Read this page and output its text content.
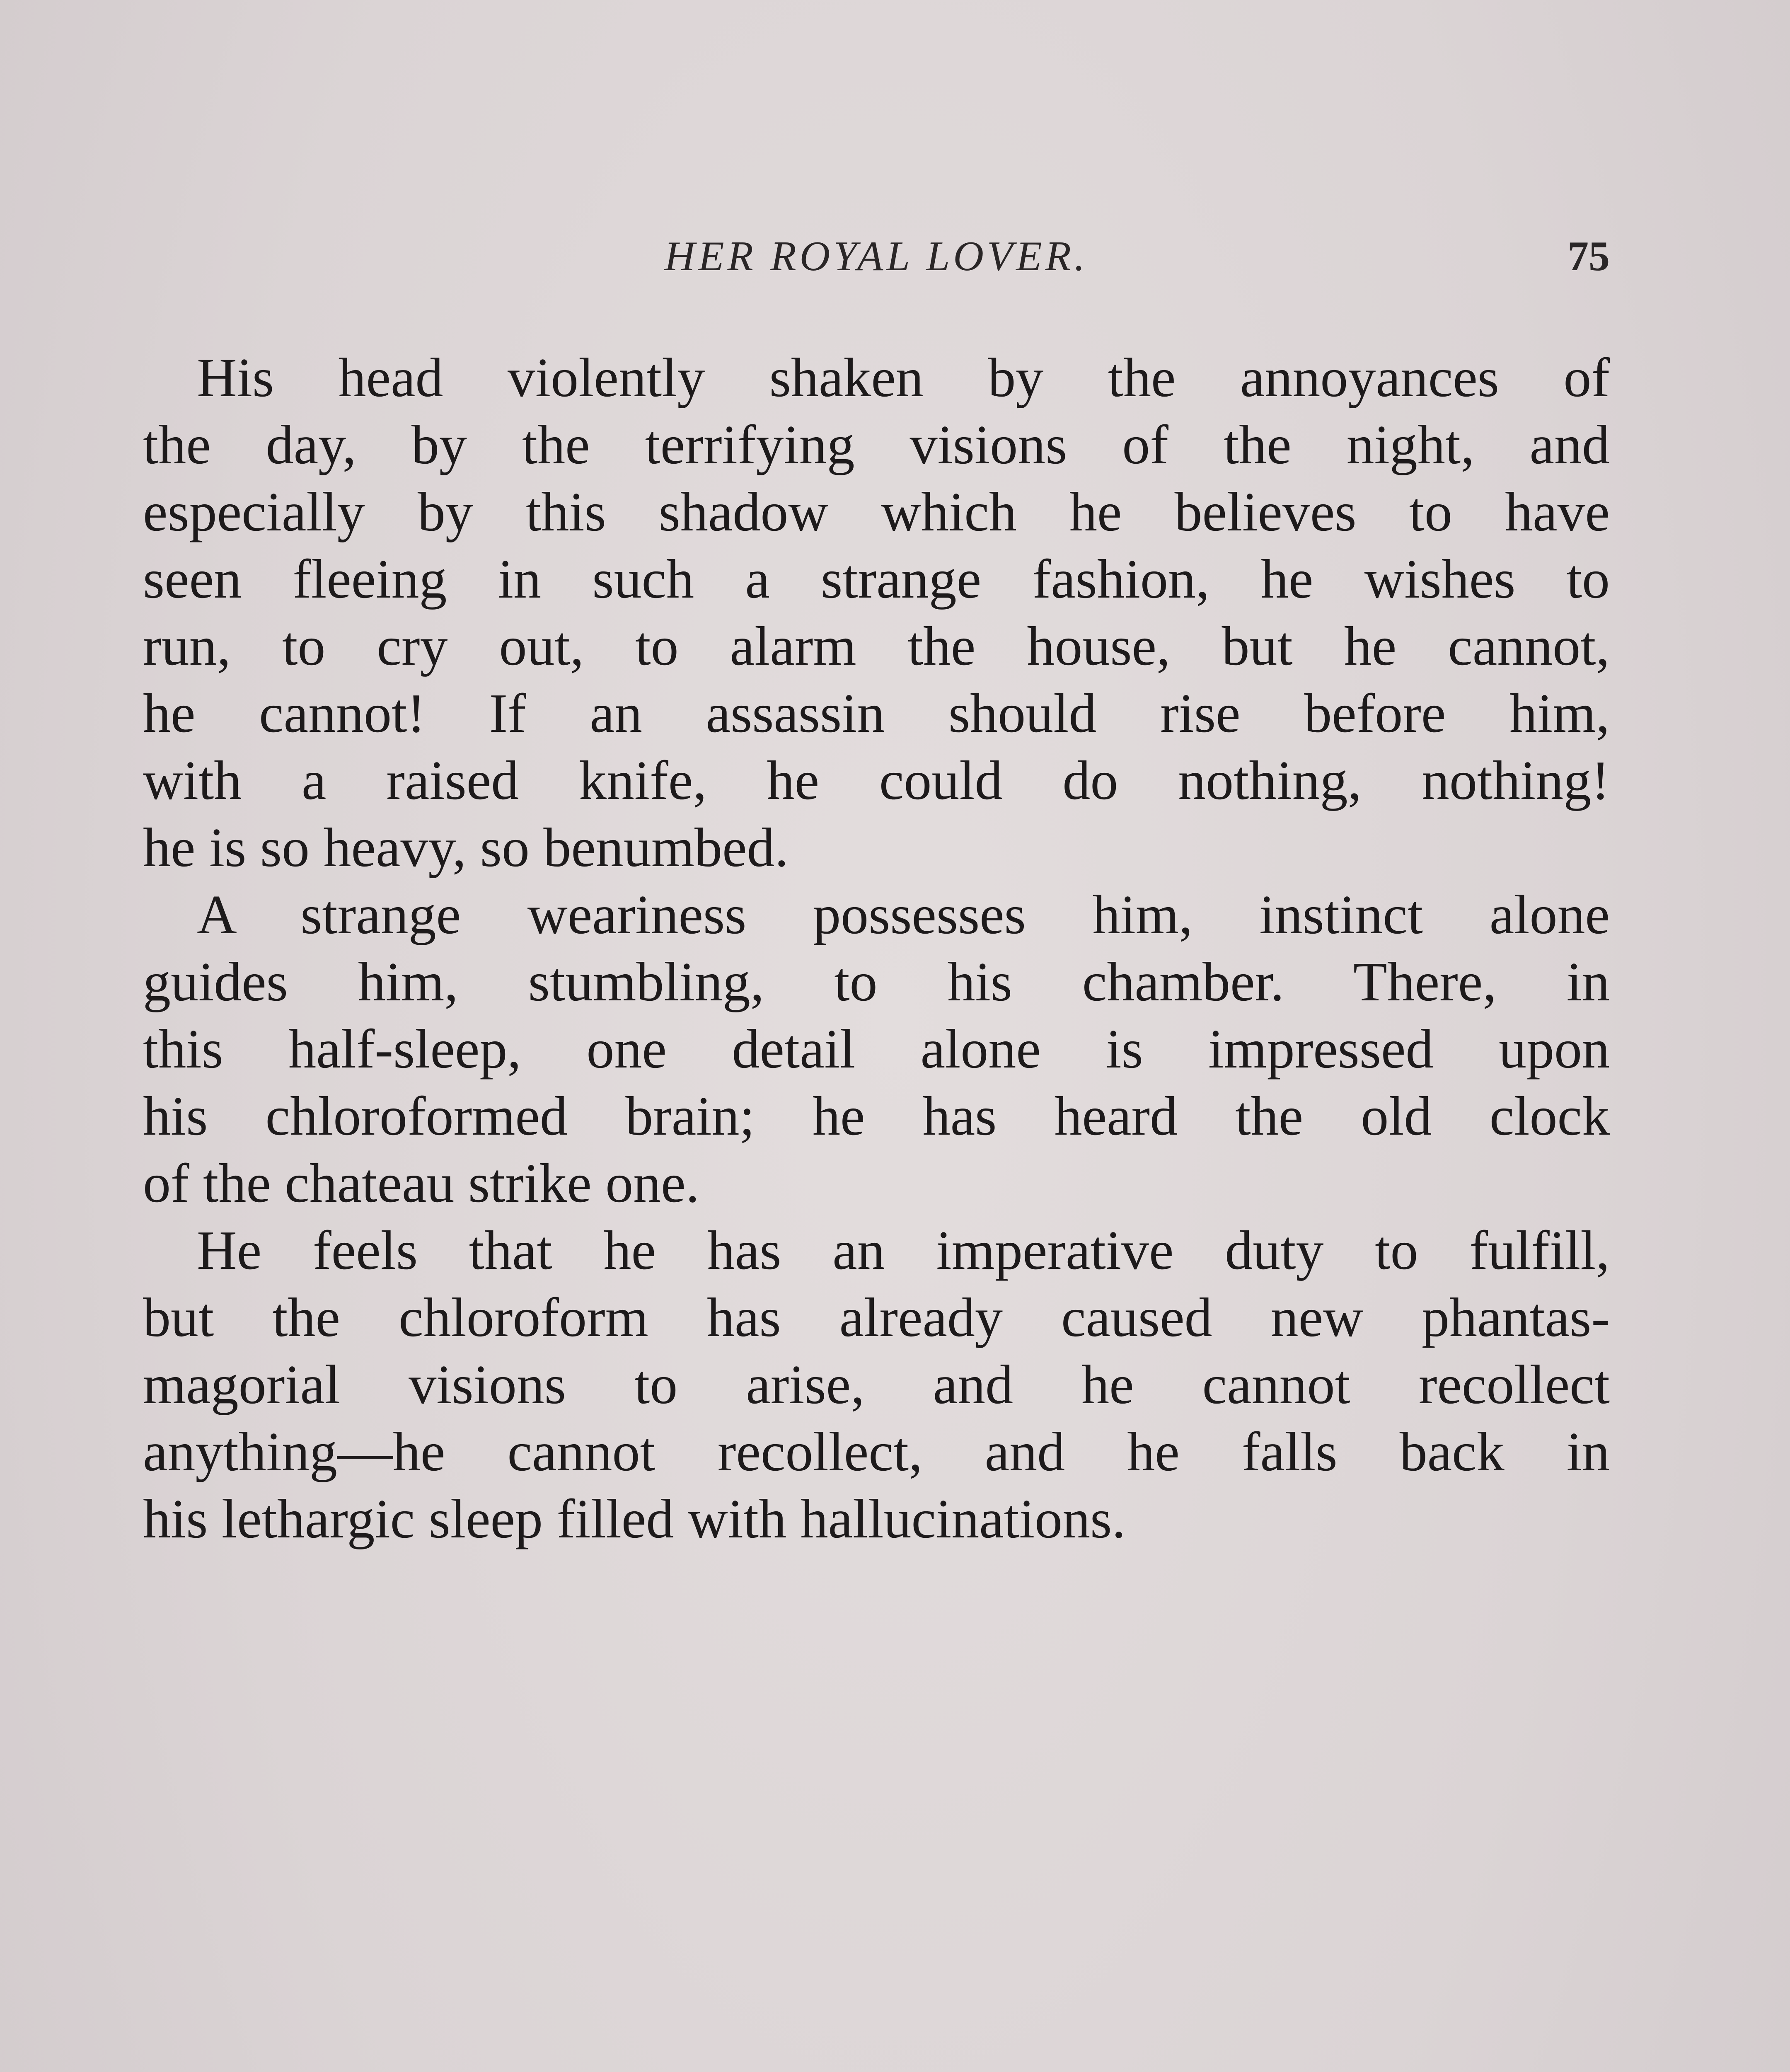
HER ROYAL LOVER.	75

His head violently shaken by the annoyances of
the day, by the terrifying visions of the night, and
especially by this shadow which he believes to have
seen fleeing in such a strange fashion, he wishes to
run, to cry out, to alarm the house, but he cannot,
he cannot! If an assassin should rise before him,
with a raised knife, he could do nothing, nothing!
he is so heavy, so benumbed.

A strange weariness possesses him, instinct alone
guides him, stumbling, to his chamber. There, in
this half-sleep, one detail alone is impressed upon
his chloroformed brain; he has heard the old clock
of the chateau strike one.

He feels that he has an imperative duty to fulfill,
but the chloroform has already caused new phantas-
magorial visions to arise, and he cannot recollect
anything—he cannot recollect, and he falls back in
his lethargic sleep filled with hallucinations.
